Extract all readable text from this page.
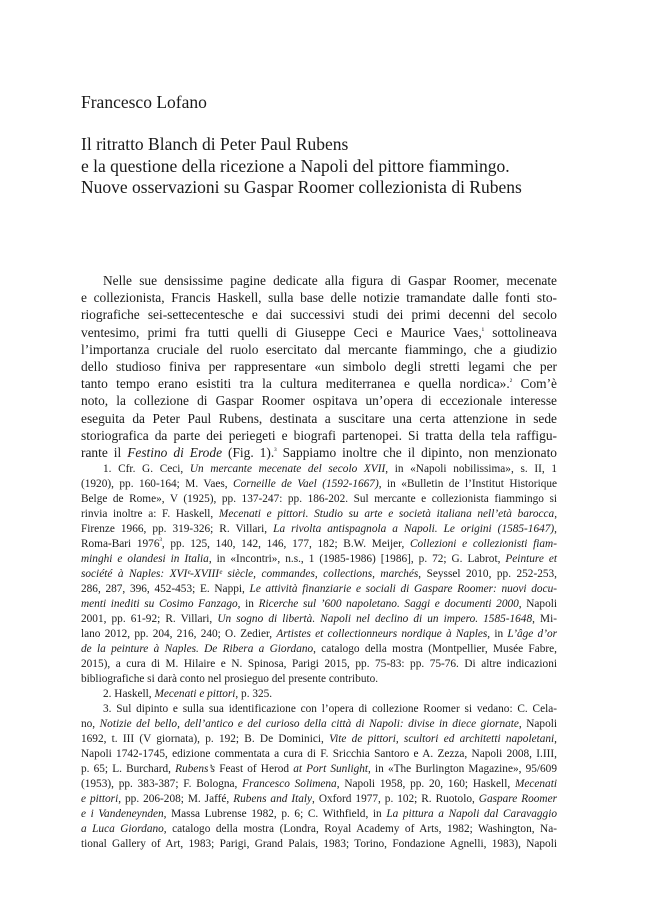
Francesco Lofano
Il ritratto Blanch di Peter Paul Rubens
e la questione della ricezione a Napoli del pittore fiammingo.
Nuove osservazioni su Gaspar Roomer collezionista di Rubens
Nelle sue densissime pagine dedicate alla figura di Gaspar Roomer, mecenate
e collezionista, Francis Haskell, sulla base delle notizie tramandate dalle fonti sto-
riografiche sei-settecentesche e dai successivi studi dei primi decenni del secolo
ventesimo, primi fra tutti quelli di Giuseppe Ceci e Maurice Vaes,$^{^1}$ sottolineava
l’importanza cruciale del ruolo esercitato dal mercante fiammingo, che a giudizio
dello studioso finiva per rappresentare «un simbolo degli stretti legami che per
tanto tempo erano esistiti tra la cultura mediterranea e quella nordica».$^{^2}$ Com’è
noto, la collezione di Gaspar Roomer ospitava un’opera di eccezionale interesse
eseguita da Peter Paul Rubens, destinata a suscitare una certa attenzione in sede
storiografica da parte dei periegeti e biografi partenopei. Si tratta della tela raffigu-
rante il Festino di Erode (Fig. 1).$^{^3}$ Sappiamo inoltre che il dipinto, non menzionato
1. Cfr. G. Ceci, Un mercante mecenate del secolo XVII, in «Napoli nobilissima», s. II, 1
(1920), pp. 160-164; M. Vaes, Corneille de Vael (1592-1667), in «Bulletin de l’Institut Historique
Belge de Rome», V (1925), pp. 137-247: pp. 186-202. Sul mercante e collezionista fiammingo si
rinvia inoltre a: F. Haskell, Mecenati e pittori. Studio su arte e società italiana nell’età barocca,
Firenze 1966, pp. 319-326; R. Villari, La rivolta antispagnola a Napoli. Le origini (1585-1647),
Roma-Bari $1976^{^3}$, pp. 125, 140, 142, 146, 177, 182; B.W. Meijer, Collezioni e collezionisti fiam-
minghi e olandesi in Italia, in «Incontri», n.s., 1 (1985-1986) [1986], p. 72; G. Labrot, Peinture et
société à Naples: XVIᵉ-XVIIIᵉ siècle, commandes, collections, marchés, Seyssel 2010, pp. 252-253,
286, 287, 396, 452-453; E. Nappi, Le attività finanziarie e sociali di Gaspare Roomer: nuovi docu-
menti inediti su Cosimo Fanzago, in Ricerche sul ’600 napoletano. Saggi e documenti 2000, Napoli
2001, pp. 61-92; R. Villari, Un sogno di libertà. Napoli nel declino di un impero. 1585-1648, Mi-
lano 2012, pp. 204, 216, 240; O. Zedier, Artistes et collectionneurs nordique à Naples, in L’âge d’or
de la peinture à Naples. De Ribera a Giordano, catalogo della mostra (Montpellier, Musée Fabre,
2015), a cura di M. Hilaire e N. Spinosa, Parigi 2015, pp. 75-83: pp. 75-76. Di altre indicazioni
bibliografiche si darà conto nel prosieguo del presente contributo.
2. Haskell, Mecenati e pittori, p. 325.
3. Sul dipinto e sulla sua identificazione con l’opera di collezione Roomer si vedano: C. Cela-
no, Notizie del bello, dell’antico e del curioso della città di Napoli: divise in diece giornate, Napoli
1692, t. III (V giornata), p. 192; B. De Dominici, Vite de pittori, scultori ed architetti napoletani,
Napoli 1742-1745, edizione commentata a cura di F. Sricchia Santoro e A. Zezza, Napoli 2008, I.III,
p. 65; L. Burchard, Rubens’s Feast of Herod at Port Sunlight, in «The Burlington Magazine», 95/609
(1953), pp. 383-387; F. Bologna, Francesco Solimena, Napoli 1958, pp. 20, 160; Haskell, Mecenati
e pittori, pp. 206-208; M. Jaffé, Rubens and Italy, Oxford 1977, p. 102; R. Ruotolo, Gaspare Roomer
e i Vandeneynden, Massa Lubrense 1982, p. 6; C. Withfield, in La pittura a Napoli dal Caravaggio
a Luca Giordano, catalogo della mostra (Londra, Royal Academy of Arts, 1982; Washington, Na-
tional Gallery of Art, 1983; Parigi, Grand Palais, 1983; Torino, Fondazione Agnelli, 1983), Napoli
